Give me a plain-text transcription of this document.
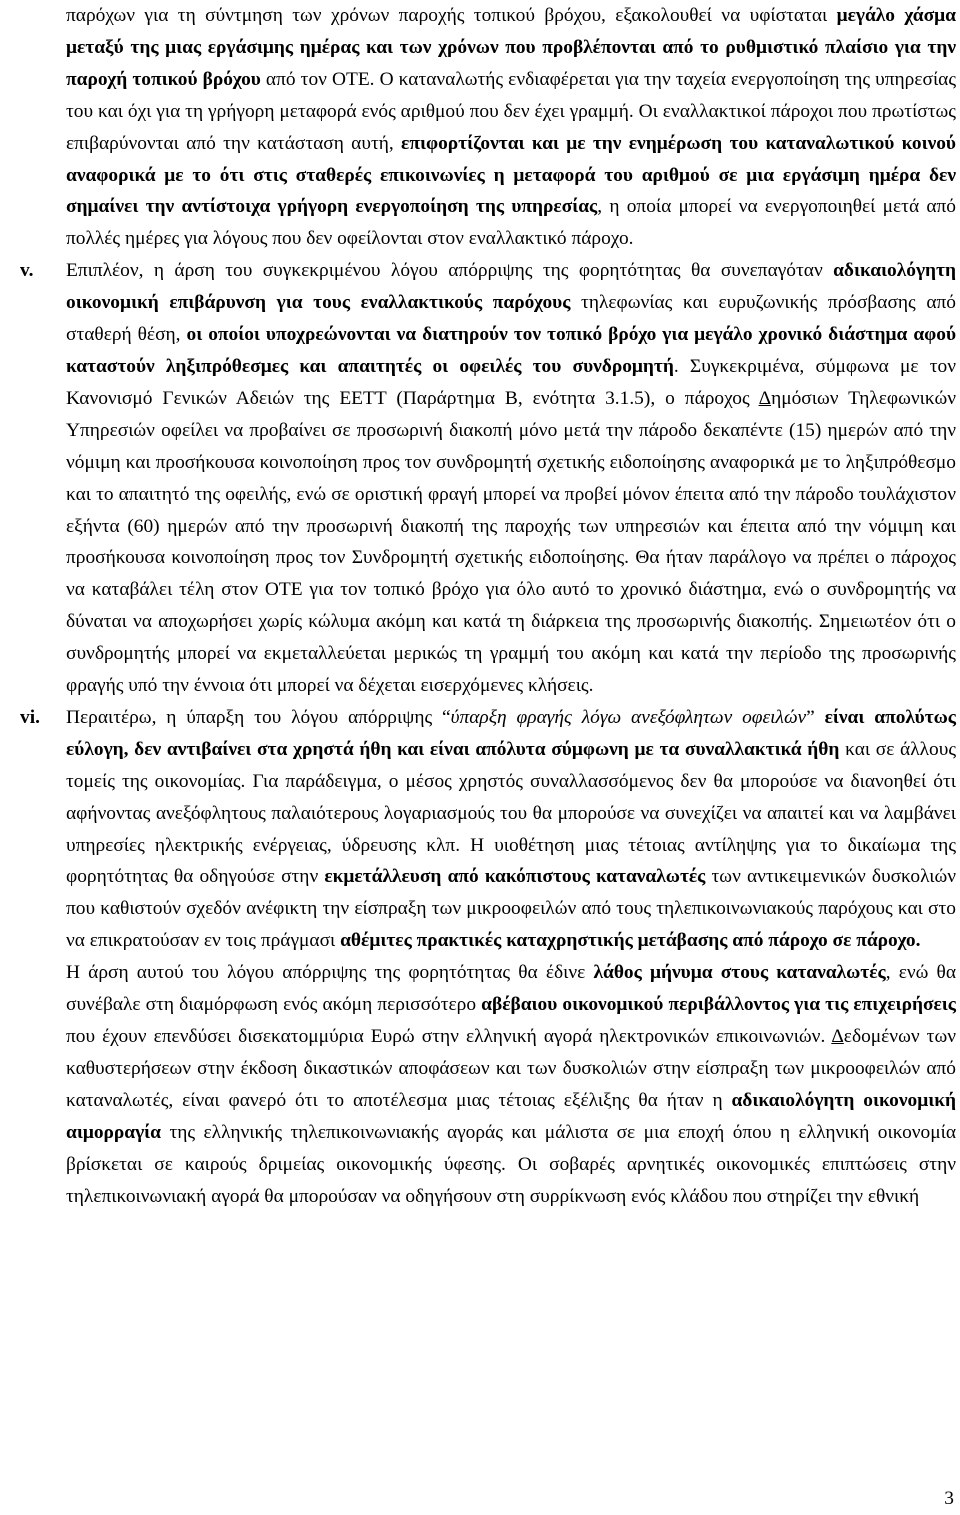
παρόχων για τη σύντμηση των χρόνων παροχής τοπικού βρόχου, εξακολουθεί να υφίσταται μεγάλο χάσμα μεταξύ της μιας εργάσιμης ημέρας και των χρόνων που προβλέπονται από το ρυθμιστικό πλαίσιο για την παροχή τοπικού βρόχου από τον ΟΤΕ. Ο καταναλωτής ενδιαφέρεται για την ταχεία ενεργοποίηση της υπηρεσίας του και όχι για τη γρήγορη μεταφορά ενός αριθμού που δεν έχει γραμμή. Οι εναλλακτικοί πάροχοι που πρωτίστως επιβαρύνονται από την κατάσταση αυτή, επιφορτίζονται και με την ενημέρωση του καταναλωτικού κοινού αναφορικά με το ότι στις σταθερές επικοινωνίες η μεταφορά του αριθμού σε μια εργάσιμη ημέρα δεν σημαίνει την αντίστοιχα γρήγορη ενεργοποίηση της υπηρεσίας, η οποία μπορεί να ενεργοποιηθεί μετά από πολλές ημέρες για λόγους που δεν οφείλονται στον εναλλακτικό πάροχο.

v.	Επιπλέον, η άρση του συγκεκριμένου λόγου απόρριψης της φορητότητας θα συνεπαγόταν αδικαιολόγητη οικονομική επιβάρυνση για τους εναλλακτικούς παρόχους τηλεφωνίας και ευρυζωνικής πρόσβασης από σταθερή θέση, οι οποίοι υποχρεώνονται να διατηρούν τον τοπικό βρόχο για μεγάλο χρονικό διάστημα αφού καταστούν ληξιπρόθεσμες και απαιτητές οι οφειλές του συνδρομητή. Συγκεκριμένα, σύμφωνα με τον Κανονισμό Γενικών Αδειών της ΕΕΤΤ (Παράρτημα Β, ενότητα 3.1.5), ο πάροχος Δημόσιων Τηλεφωνικών Υπηρεσιών οφείλει να προβαίνει σε προσωρινή διακοπή μόνο μετά την πάροδο δεκαπέντε (15) ημερών από την νόμιμη και προσήκουσα κοινοποίηση προς τον συνδρομητή σχετικής ειδοποίησης αναφορικά με το ληξιπρόθεσμο και το απαιτητό της οφειλής, ενώ σε οριστική φραγή μπορεί να προβεί μόνον έπειτα από την πάροδο τουλάχιστον εξήντα (60) ημερών από την προσωρινή διακοπή της παροχής των υπηρεσιών και έπειτα από την νόμιμη και προσήκουσα κοινοποίηση προς τον Συνδρομητή σχετικής ειδοποίησης. Θα ήταν παράλογο να πρέπει ο πάροχος να καταβάλει τέλη στον ΟΤΕ για τον τοπικό βρόχο για όλο αυτό το χρονικό διάστημα, ενώ ο συνδρομητής να δύναται να αποχωρήσει χωρίς κώλυμα ακόμη και κατά τη διάρκεια της προσωρινής διακοπής. Σημειωτέον ότι ο συνδρομητής μπορεί να εκμεταλλεύεται μερικώς τη γραμμή του ακόμη και κατά την περίοδο της προσωρινής φραγής υπό την έννοια ότι μπορεί να δέχεται εισερχόμενες κλήσεις.

vi.	Περαιτέρω, η ύπαρξη του λόγου απόρριψης “ύπαρξη φραγής λόγω ανεξόφλητων οφειλών” είναι απολύτως εύλογη, δεν αντιβαίνει στα χρηστά ήθη και είναι απόλυτα σύμφωνη με τα συναλλακτικά ήθη και σε άλλους τομείς της οικονομίας. Για παράδειγμα, ο μέσος χρηστός συναλλασσόμενος δεν θα μπορούσε να διανοηθεί ότι αφήνοντας ανεξόφλητους παλαιότερους λογαριασμούς του θα μπορούσε να συνεχίζει να απαιτεί και να λαμβάνει υπηρεσίες ηλεκτρικής ενέργειας, ύδρευσης κλπ. Η υιοθέτηση μιας τέτοιας αντίληψης για το δικαίωμα της φορητότητας θα οδηγούσε στην εκμετάλλευση από κακόπιστους καταναλωτές των αντικειμενικών δυσκολιών που καθιστούν σχεδόν ανέφικτη την είσπραξη των μικροοφειλών από τους τηλεπικοινωνιακούς παρόχους και στο να επικρατούσαν εν τοις πράγμασι αθέμιτες πρακτικές καταχρηστικής μετάβασης από πάροχο σε πάροχο.

Η άρση αυτού του λόγου απόρριψης της φορητότητας θα έδινε λάθος μήνυμα στους καταναλωτές, ενώ θα συνέβαλε στη διαμόρφωση ενός ακόμη περισσότερο αβέβαιου οικονομικού περιβάλλοντος για τις επιχειρήσεις που έχουν επενδύσει δισεκατομμύρια Ευρώ στην ελληνική αγορά ηλεκτρονικών επικοινωνιών. Δεδομένων των καθυστερήσεων στην έκδοση δικαστικών αποφάσεων και των δυσκολιών στην είσπραξη των μικροοφειλών από καταναλωτές, είναι φανερό ότι το αποτέλεσμα μιας τέτοιας εξέλιξης θα ήταν η αδικαιολόγητη οικονομική αιμορραγία της ελληνικής τηλεπικοινωνιακής αγοράς και μάλιστα σε μια εποχή όπου η ελληνική οικονομία βρίσκεται σε καιρούς δριμείας οικονομικής ύφεσης. Οι σοβαρές αρνητικές οικονομικές επιπτώσεις στην τηλεπικοινωνιακή αγορά θα μπορούσαν να οδηγήσουν στη συρρίκνωση ενός κλάδου που στηρίζει την εθνική

3
